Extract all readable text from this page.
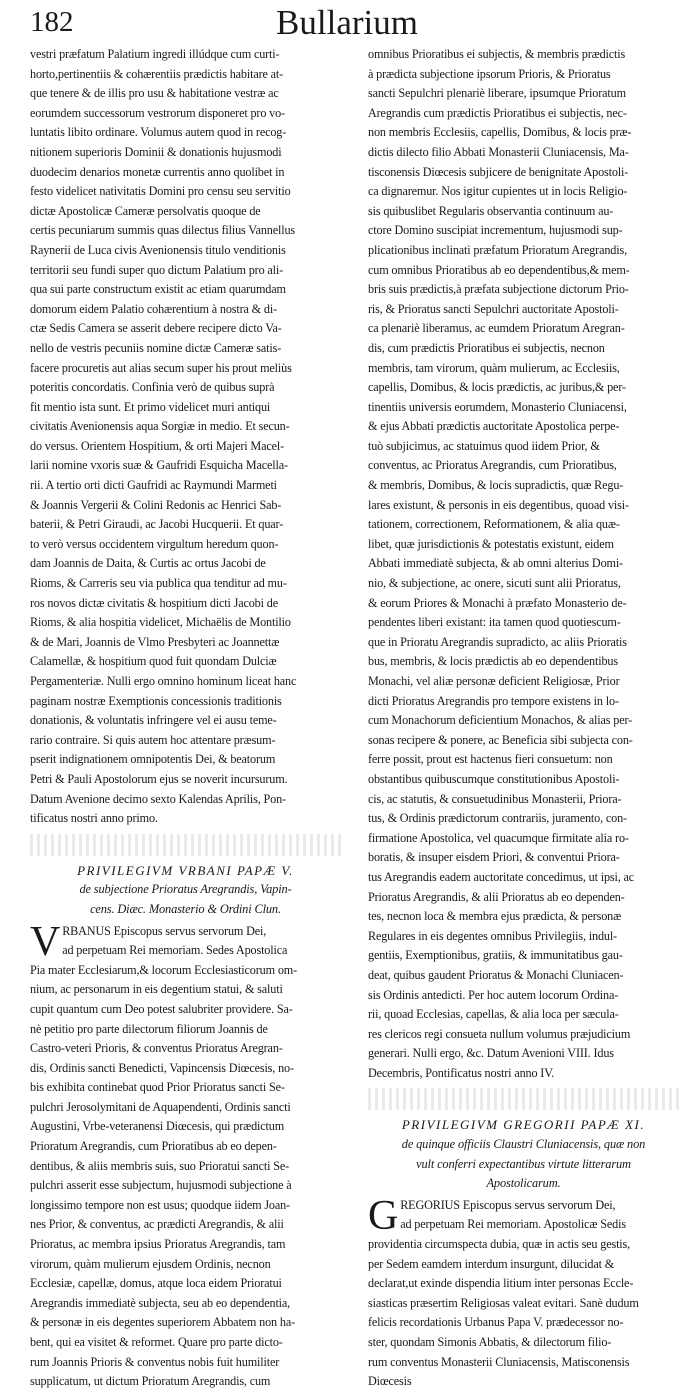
182	Bullarium

vestri præfatum Palatium ingredi illúdque cum curti-

horto,pertinentiis & cohærentiis prædictis habitare at-

que tenere & de illis pro usu & habitatione vestræ ac

eorumdem successorum vestrorum disponeret pro vo-

luntatis libito ordinare. Volumus autem quod in recog-

nitionem superioris Dominii & donationis hujusmodi

duodecim denarios monetæ currentis anno quolibet in

festo videlicet nativitatis Domini pro censu seu servitio

dictæ Apostolicæ Cameræ persolvatis quoque de

certis pecuniarum summis quas dilectus filius Vannellus

Raynerii de Luca civis Avenionensis titulo venditionis

territorii seu fundi super quo dictum Palatium pro ali-

qua sui parte constructum existit ac etiam quarumdam

domorum eidem Palatio cohærentium à nostra & di-

ctæ Sedis Camera se asserit debere recipere dicto Va-

nello de vestris pecuniis nomine dictæ Cameræ satis-

facere procuretis aut alias secum super his prout meliùs

poteritis concordatis. Confinia verò de quibus suprà

fit mentio ista sunt. Et primo videlicet muri antiqui

civitatis Avenionensis aqua Sorgiæ in medio. Et secun-

do versus. Orientem Hospitium, & orti Majeri Macel-

larii nomine vxoris suæ & Gaufridi Esquicha Macella-

rii. A tertio orti dicti Gaufridi ac Raymundi Marmeti

& Joannis Vergerii & Colini Redonis ac Henrici Sab-

baterii, & Petri Giraudi, ac Jacobi Hucquerii. Et quar-

to verò versus occidentem virgultum heredum quon-

dam Joannis de Daita, & Curtis ac ortus Jacobi de

Rioms, & Carreris seu via publica qua tenditur ad mu-

ros novos dictæ civitatis & hospitium dicti Jacobi de

Rioms, & alia hospitia videlicet, Michaëlis de Montilio

& de Mari, Joannis de Vlmo Presbyteri ac Joannettæ

Calamellæ, & hospitium quod fuit quondam Dulciæ

Pergamenteriæ. Nulli ergo omnino hominum liceat hanc

paginam nostræ Exemptionis concessionis traditionis

donationis, & voluntatis infringere vel ei ausu teme-

rario contraire. Si quis autem hoc attentare præsum-

pserit indignationem omnipotentis Dei, & beatorum

Petri & Pauli Apostolorum ejus se noverit incursurum.

Datum Avenione decimo sexto Kalendas Aprilis, Pon-

tificatus nostri anno primo.

PRIVILEGIVM VRBANI PAPÆ V.
de subjectione Prioratus Aregrandis, Vapin-
cens. Diæc. Monasterio & Ordini Clun.

VRBANUS Episcopus servus servorum Dei,

ad perpetuam Rei memoriam. Sedes Apostolica

Pia mater Ecclesiarum,& locorum Ecclesiasticorum om-

nium, ac personarum in eis degentium statui, & saluti

cupit quantum cum Deo potest salubriter providere. Sa-

nè petitio pro parte dilectorum filiorum Joannis de

Castro-veteri Prioris, & conventus Prioratus Aregran-

dis, Ordinis sancti Benedicti, Vapincensis Diœcesis, no-

bis exhibita continebat quod Prior Prioratus sancti Se-

pulchri Jerosolymitani de Aquapendenti, Ordinis sancti

Augustini, Vrbe-veteranensi Diœcesis, qui prædictum

Prioratum Aregrandis, cum Prioratibus ab eo depen-

dentibus, & aliis membris suis, suo Prioratui sancti Se-

pulchri asserit esse subjectum, hujusmodi subjectione à

longissimo tempore non est usus; quodque iidem Joan-

nes Prior, & conventus, ac prædicti Aregrandis, & alii

Prioratus, ac membra ipsius Prioratus Aregrandis, tam

virorum, quàm mulierum ejusdem Ordinis, necnon

Ecclesiæ, capellæ, domus, atque loca eidem Prioratui

Aregrandis immediatè subjecta, seu ab eo dependentia,

& personæ in eis degentes superiorem Abbatem non ha-

bent, qui ea visitet & reformet. Quare pro parte dicto-

rum Joannis Prioris & conventus nobis fuit humiliter

supplicatum, ut dictum Prioratum Aregrandis, cum

omnibus Prioratibus ei subjectis, & membris prædictis

à prædicta subjectione ipsorum Prioris, & Prioratus

sancti Sepulchri plenariè liberare, ipsumque Prioratum

Aregrandis cum prædictis Prioratibus ei subjectis, nec-

non membris Ecclesiis, capellis, Domibus, & locis præ-

dictis dilecto filio Abbati Monasterii Cluniacensis, Ma-

tisconensis Diœcesis subjicere de benignitate Apostoli-

ca dignaremur. Nos igitur cupientes ut in locis Religio-

sis quibuslibet Regularis observantia continuum au-

ctore Domino suscipiat incrementum, hujusmodi sup-

plicationibus inclinati præfatum Prioratum Aregrandis,

cum omnibus Prioratibus ab eo dependentibus,& mem-

bris suis prædictis,à præfata subjectione dictorum Prio-

ris, & Prioratus sancti Sepulchri auctoritate Apostoli-

ca plenariè liberamus, ac eumdem Prioratum Aregran-

dis, cum prædictis Prioratibus ei subjectis, necnon

membris, tam virorum, quàm mulierum, ac Ecclesiis,

capellis, Domibus, & locis prædictis, ac juribus,& per-

tinentiis universis eorumdem, Monasterio Cluniacensi,

& ejus Abbati prædictis auctoritate Apostolica perpe-

tuò subjicimus, ac statuimus quod iidem Prior, &

conventus, ac Prioratus Aregrandis, cum Prioratibus,

& membris, Domibus, & locis supradictis, quæ Regu-

lares existunt, & personis in eis degentibus, quoad visi-

tationem, correctionem, Reformationem, & alia quæ-

libet, quæ jurisdictionis & potestatis existunt, eidem

Abbati immediatè subjecta, & ab omni alterius Domi-

nio, & subjectione, ac onere, sicuti sunt alii Prioratus,

& eorum Priores & Monachi à præfato Monasterio de-

pendentes liberi existant: ita tamen quod quotiescum-

que in Prioratu Aregrandis supradicto, ac aliis Prioratis

bus, membris, & locis prædictis ab eo dependentibus

Monachi, vel aliæ personæ deficient Religiosæ, Prior

dicti Prioratus Aregrandis pro tempore existens in lo-

cum Monachorum deficientium Monachos, & alias per-

sonas recipere & ponere, ac Beneficia sibi subjecta con-

ferre possit, prout est hactenus fieri consuetum: non

obstantibus quibuscumque constitutionibus Apostoli-

cis, ac statutis, & consuetudinibus Monasterii, Priora-

tus, & Ordinis prædictorum contrariis, juramento, con-

firmatione Apostolica, vel quacumque firmitate alia ro-

boratis, & insuper eisdem Priori, & conventui Priora-

tus Aregrandis eadem auctoritate concedimus, ut ipsi, ac

Prioratus Aregrandis, & alii Prioratus ab eo dependen-

tes, necnon loca & membra ejus prædicta, & personæ

Regulares in eis degentes omnibus Privilegiis, indul-

gentiis, Exemptionibus, gratiis, & immunitatibus gau-

deat, quibus gaudent Prioratus & Monachi Cluniacen-

sis Ordinis antedicti. Per hoc autem locorum Ordina-

rii, quoad Ecclesias, capellas, & alia loca per sæcula-

res clericos regi consueta nullum volumus præjudicium

generari. Nulli ergo, &c. Datum Avenioni VIII. Idus

Decembris, Pontificatus nostri anno IV.

PRIVILEGIVM GREGORII PAPÆ XI.
de quinque officiis Claustri Cluniacensis, quæ non
vult conferri expectantibus virtute litterarum
Apostolicarum.

GREGORIUS Episcopus servus servorum Dei,

ad perpetuam Rei memoriam. Apostolicæ Sedis

providentia circumspecta dubia, quæ in actis seu gestis,

per Sedem eamdem interdum insurgunt, dilucidat &

declarat,ut exinde dispendia litium inter personas Eccle-

siasticas præsertim Religiosas valeat evitari. Sanè dudum

felicis recordationis Urbanus Papa V. prædecessor no-

ster, quondam Simonis Abbatis, & dilectorum filio-

rum conventus Monasterii Cluniacensis, Matisconensis

Diœcesis
